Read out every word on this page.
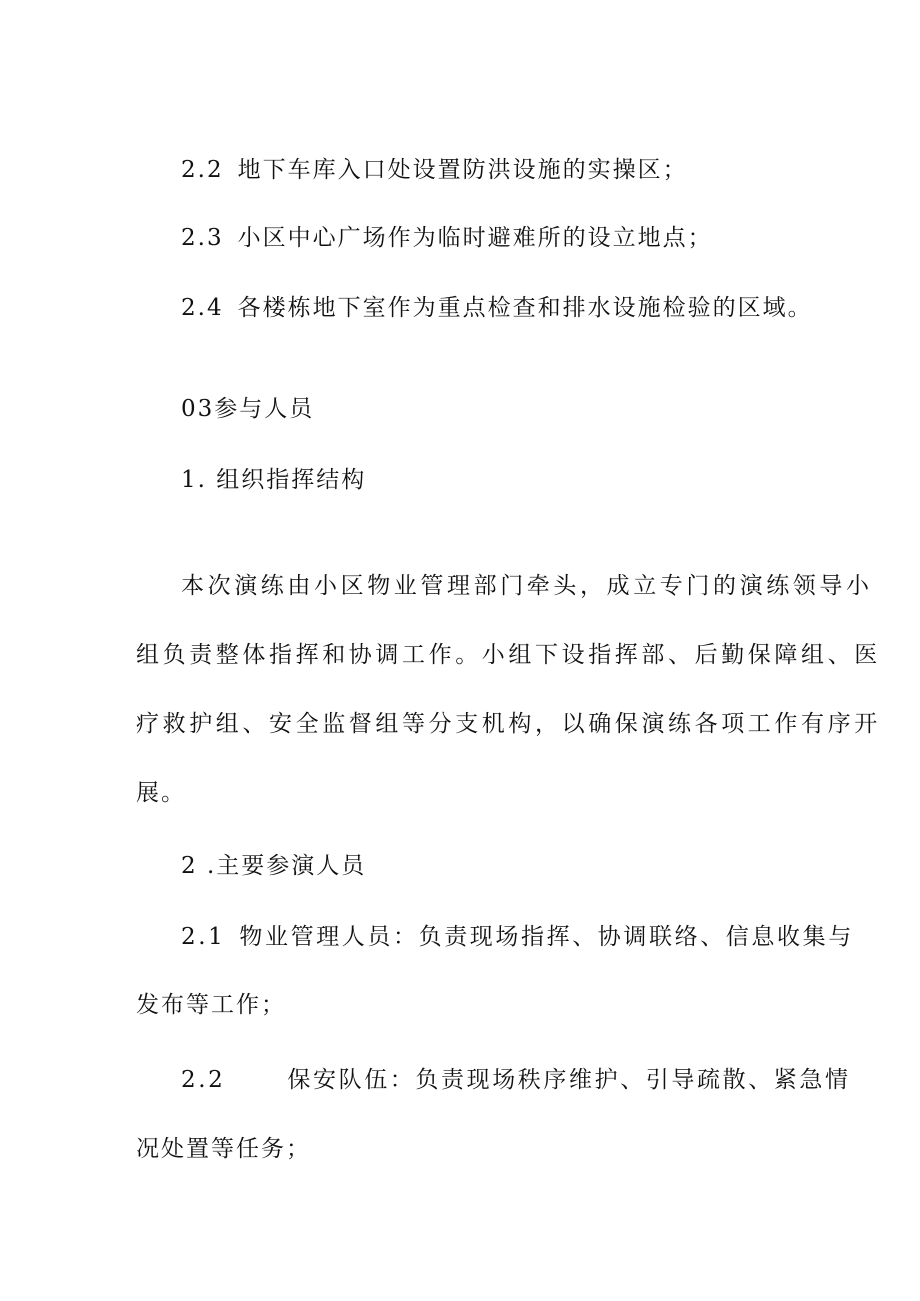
2.2 地下车库入口处设置防洪设施的实操区；
2.3 小区中心广场作为临时避难所的设立地点；
2.4 各楼栋地下室作为重点检查和排水设施检验的区域。
03参与人员
1. 组织指挥结构
本次演练由小区物业管理部门牵头，成立专门的演练领导小
组负责整体指挥和协调工作。小组下设指挥部、后勤保障组、医
疗救护组、安全监督组等分支机构，以确保演练各项工作有序开
展。
2 .主要参演人员
2.1 物业管理人员：负责现场指挥、协调联络、信息收集与
发布等工作；
2.2	保安队伍：负责现场秩序维护、引导疏散、紧急情
况处置等任务；
